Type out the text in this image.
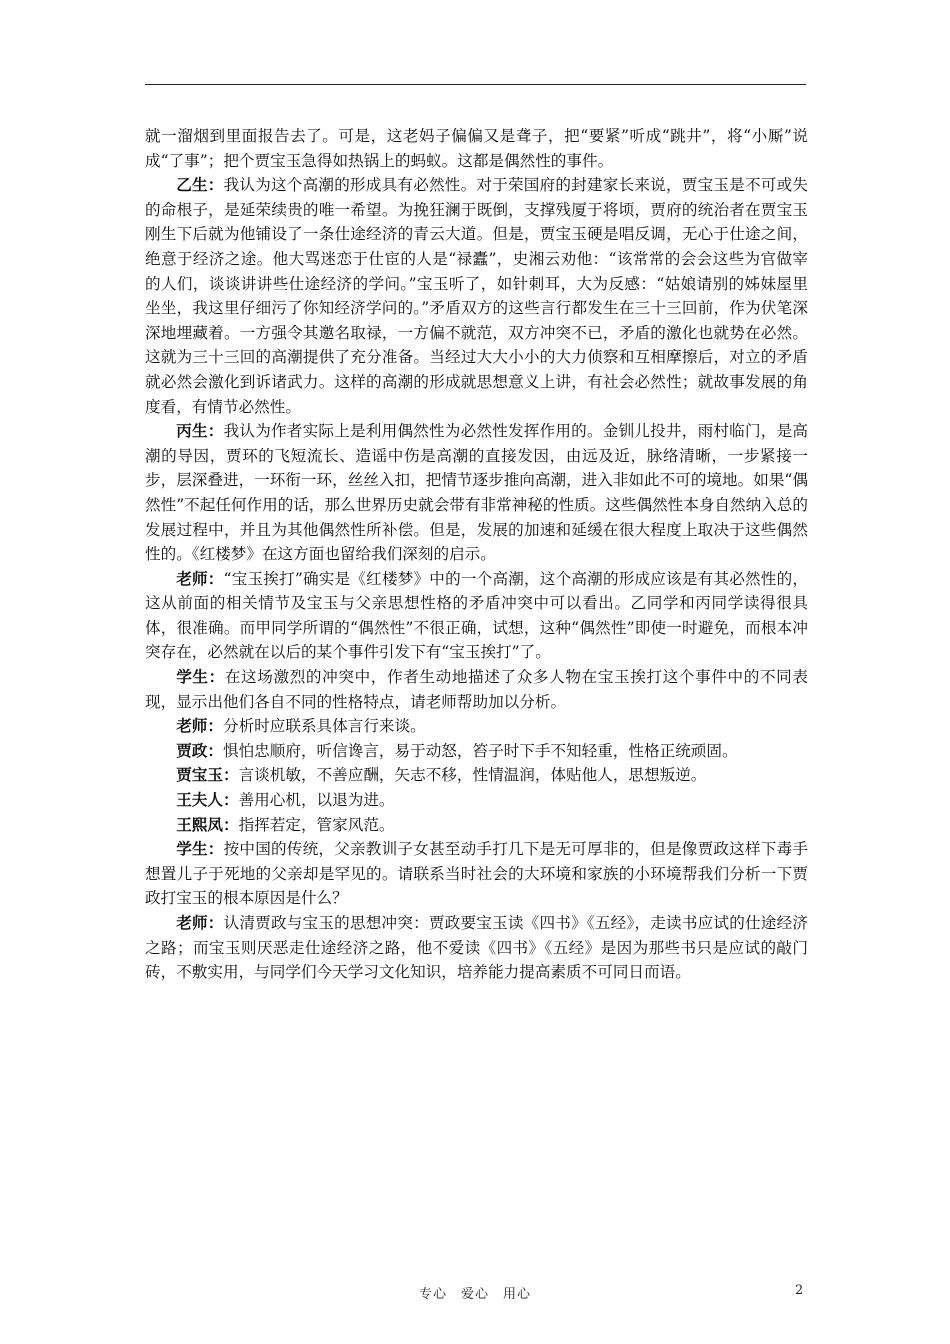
就一溜烟到里面报告去了。可是，这老妈子偏偏又是聋子，把“要紧”听成“跳井”，将“小厮”说成“了事”；把个贾宝玉急得如热锅上的蚂蚁。这都是偶然性的事件。

乙生：我认为这个高潮的形成具有必然性。对于荣国府的封建家长来说，贾宝玉是不可或失的命根子，是延荣续贵的唯一希望。为挽狂澜于既倒，支撑残厦于将顷，贾府的统治者在贾宝玉刚生下后就为他铺设了一条仕途经济的青云大道。但是，贾宝玉硬是唱反调，无心于仕途之间，绝意于经济之途。他大骂迷恋于仕宦的人是“禄蠹”，史湘云劝他：“该常常的会会这些为官做宰的人们，谈谈讲讲些仕途经济的学问。”宝玉听了，如针刺耳，大为反感：“姑娘请别的姊妹屋里坐坐，我这里仔细污了你知经济学问的。”矛盾双方的这些言行都发生在三十三回前，作为伏笔深深地埋藏着。一方强令其邀名取禄，一方偏不就范，双方冲突不已，矛盾的激化也就势在必然。这就为三十三回的高潮提供了充分准备。当经过大大小小的大力侦察和互相摩擦后，对立的矛盾就必然会激化到诉诸武力。这样的高潮的形成就思想意义上讲，有社会必然性；就故事发展的角度看，有情节必然性。

丙生：我认为作者实际上是利用偶然性为必然性发挥作用的。金钏儿投井，雨村临门，是高潮的导因，贾环的飞短流长、造谣中伤是高潮的直接发因，由远及近，脉络清晰，一步紧接一步，层深叠进，一环衔一环，丝丝入扣，把情节逐步推向高潮，进入非如此不可的境地。如果“偶然性”不起任何作用的话，那么世界历史就会带有非常神秘的性质。这些偶然性本身自然纳入总的发展过程中，并且为其他偶然性所补偿。但是，发展的加速和延缓在很大程度上取决于这些偶然性的。《红楼梦》在这方面也留给我们深刻的启示。

老师：“宝玉挨打”确实是《红楼梦》中的一个高潮，这个高潮的形成应该是有其必然性的，这从前面的相关情节及宝玉与父亲思想性格的矛盾冲突中可以看出。乙同学和丙同学读得很具体，很准确。而甲同学所谓的“偶然性”不很正确，试想，这种“偶然性”即使一时避免，而根本冲突存在，必然就在以后的某个事件引发下有“宝玉挨打”了。

学生：在这场激烈的冲突中，作者生动地描述了众多人物在宝玉挨打这个事件中的不同表现，显示出他们各自不同的性格特点，请老师帮助加以分析。

老师：分析时应联系具体言行来谈。

贾政：惧怕忠顺府，听信谗言，易于动怒，笞子时下手不知轻重，性格正统顽固。

贾宝玉：言谈机敏，不善应酬，矢志不移，性情温润，体贴他人，思想叛逆。

王夫人：善用心机，以退为进。

王熙凤：指挥若定，管家风范。

学生：按中国的传统，父亲教训子女甚至动手打几下是无可厚非的，但是像贾政这样下毒手想置儿子于死地的父亲却是罕见的。请联系当时社会的大环境和家族的小环境帮我们分析一下贾政打宝玉的根本原因是什么？

老师：认清贾政与宝玉的思想冲突：贾政要宝玉读《四书》《五经》，走读书应试的仕途经济之路；而宝玉则厌恶走仕途经济之路，他不爱读《四书》《五经》是因为那些书只是应试的敲门砖，不敷实用，与同学们今天学习文化知识，培养能力提高素质不可同日而语。

专心　爱心　用心	2
